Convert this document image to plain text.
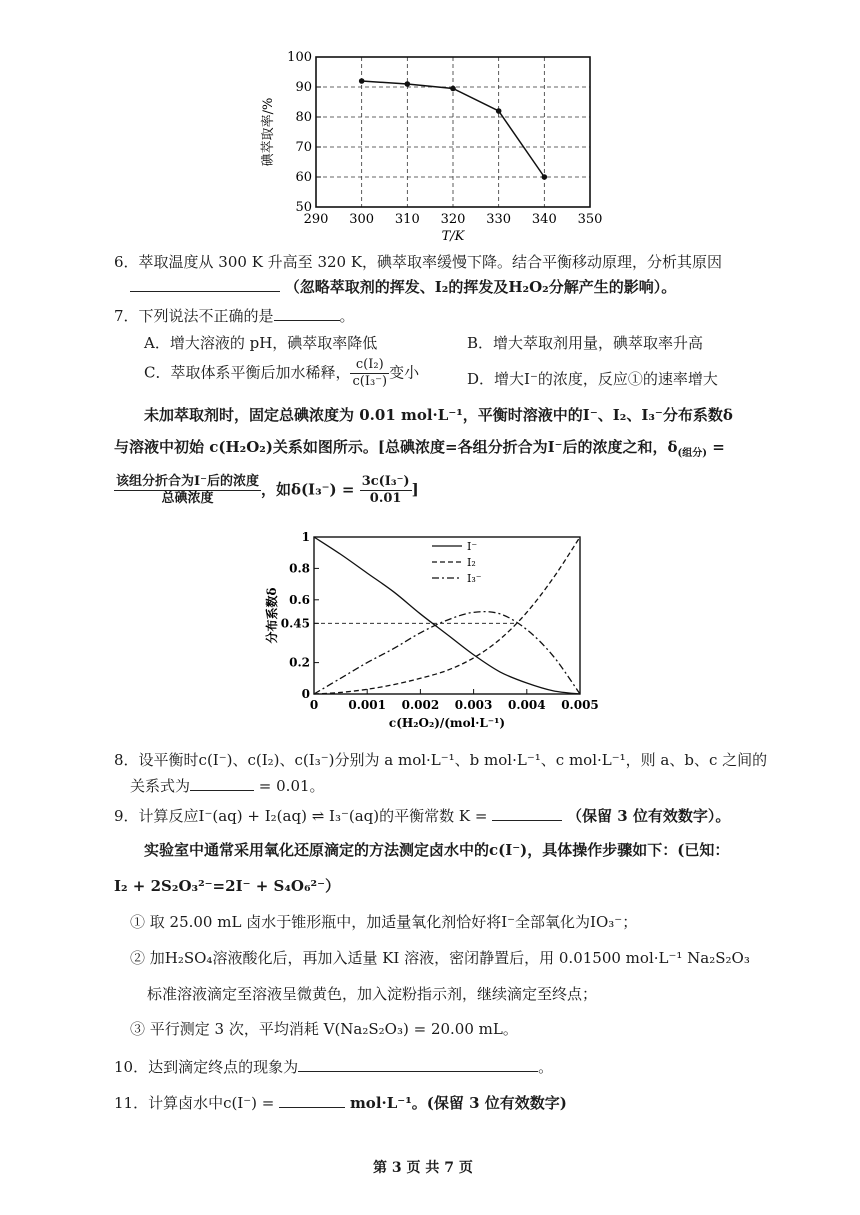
290 300 310 320 330 340 350
50
60
70
80
90
100
T/K
碘萃取率/%
6．萃取温度从 300 K 升高至 320 K，碘萃取率缓慢下降。结合平衡移动原理，分析其原因
（忽略萃取剂的挥发、I₂的挥发及H₂O₂分解产生的影响）。
7．下列说法不正确的是	。
A．增大溶液的 pH，碘萃取率降低	B．增大萃取剂用量，碘萃取率升高
C．萃取体系平衡后加水稀释， $\frac{\text{c(I₂)}}{\text{c(I₃⁻)}}$ 变小	D．增大I⁻的浓度，反应①的速率增大
未加萃取剂时，固定总碘浓度为 0.01 mol·L⁻¹，平衡时溶液中的I⁻、I₂、I₃⁻分布系数δ
与溶液中初始 c(H₂O₂)关系如图所示。[总碘浓度=各组分折合为I⁻后的浓度之和，$\delta_{(组分)}$ =
$\frac{\text{该组分折合为I⁻后的浓度}}{\text{总碘浓度}}$ ，如$\delta(I_3^-) = \frac{\text{3c(I₃⁻)}}{0.01}$ ]
0	0.001 0.002 0.003 0.004 0.005
0
0.2
0.45
0.6
0.8
1
I⁻
I₂
I₃⁻
c(H₂O₂)/(mol·L⁻¹)
分布系数δ
8．设平衡时c(I⁻)、c(I₂)、c(I₃⁻)分别为 a mol·L⁻¹、b mol·L⁻¹、c mol·L⁻¹，则 a、b、c 之间的
关系式为	= 0.01。
9．计算反应I⁻(aq) + I₂(aq) ⇌ I₃⁻(aq)的平衡常数 K =	（保留 3 位有效数字）。
实验室中通常采用氧化还原滴定的方法测定卤水中的c(I⁻)，具体操作步骤如下：(已知：
I₂ + 2S₂O₃²⁻=2I⁻ + S₄O₆²⁻）
① 取 25.00 mL 卤水于锥形瓶中，加适量氧化剂恰好将I⁻全部氧化为IO₃⁻；
② 加H₂SO₄溶液酸化后，再加入适量 KI 溶液，密闭静置后，用 0.01500 mol·L⁻¹ Na₂S₂O₃
标准溶液滴定至溶液呈微黄色，加入淀粉指示剂，继续滴定至终点；
③ 平行测定 3 次，平均消耗 V(Na₂S₂O₃) = 20.00 mL。
10．达到滴定终点的现象为	。
11．计算卤水中c(I⁻) =	mol·L⁻¹。(保留 3 位有效数字)
第 3 页 共 7 页
